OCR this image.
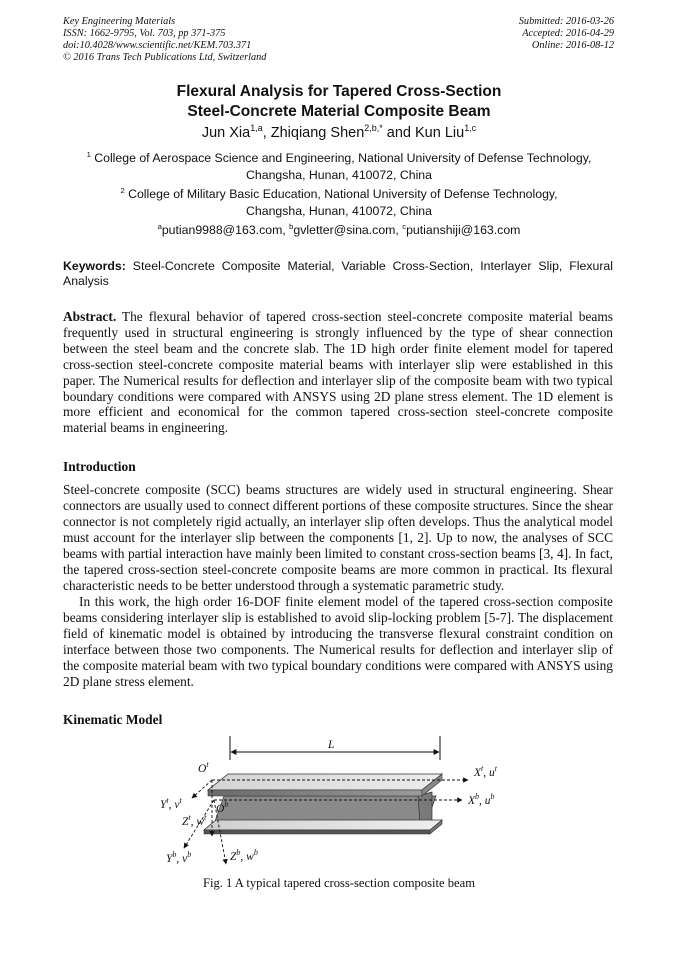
Key Engineering Materials
ISSN: 1662-9795, Vol. 703, pp 371-375
doi:10.4028/www.scientific.net/KEM.703.371
© 2016 Trans Tech Publications Ltd, Switzerland
Submitted: 2016-03-26
Accepted: 2016-04-29
Online: 2016-08-12
Flexural Analysis for Tapered Cross-Section
Steel-Concrete Material Composite Beam
Jun Xia$^{1,a}$, Zhiqiang Shen$^{2,b,*}$ and Kun Liu$^{1,c}$
$^1$ College of Aerospace Science and Engineering, National University of Defense Technology,
Changsha, Hunan, 410072, China
$^2$ College of Military Basic Education, National University of Defense Technology,
Changsha, Hunan, 410072, China
$^a$putian9988@163.com, $^b$gvletter@sina.com, $^c$putianshiji@163.com
Keywords: Steel-Concrete Composite Material, Variable Cross-Section, Interlayer Slip, Flexural Analysis
Abstract. The flexural behavior of tapered cross-section steel-concrete composite material beams frequently used in structural engineering is strongly influenced by the type of shear connection between the steel beam and the concrete slab. The 1D high order finite element model for tapered cross-section steel-concrete composite material beams with interlayer slip were established in this paper. The Numerical results for deflection and interlayer slip of the composite beam with two typical boundary conditions were compared with ANSYS using 2D plane stress element. The 1D element is more efficient and economical for the common tapered cross-section steel-concrete composite material beams in engineering.
Introduction

Steel-concrete composite (SCC) beams structures are widely used in structural engineering. Shear connectors are usually used to connect different portions of these composite structures. Since the shear connector is not completely rigid actually, an interlayer slip often develops. Thus the analytical model must account for the interlayer slip between the components [1, 2]. Up to now, the analyses of SCC beams with partial interaction have mainly been limited to constant cross-section beams [3, 4]. In fact, the tapered cross-section steel-concrete composite beams are more common in practical. Its flexural characteristic needs to be better understood through a systematic parametric study.

In this work, the high order 16-DOF finite element model of the tapered cross-section composite beams considering interlayer slip is established to avoid slip-locking problem [5-7]. The displacement field of kinematic model is obtained by introducing the transverse flexural constraint condition on interface between those two components. The Numerical results for deflection and interlayer slip of the composite material beam with two typical boundary conditions were compared with ANSYS using 2D plane stress element.

Kinematic Model
L
$O^t$
$X^t$, $u^t$
$Y^t$, $v^t$
$Z^t$, $w^t$
$O^b$	$X^b$, $u^b$
$Y^b$, $v^b$	$Z^b$, $w^b$
Fig. 1 A typical tapered cross-section composite beam
